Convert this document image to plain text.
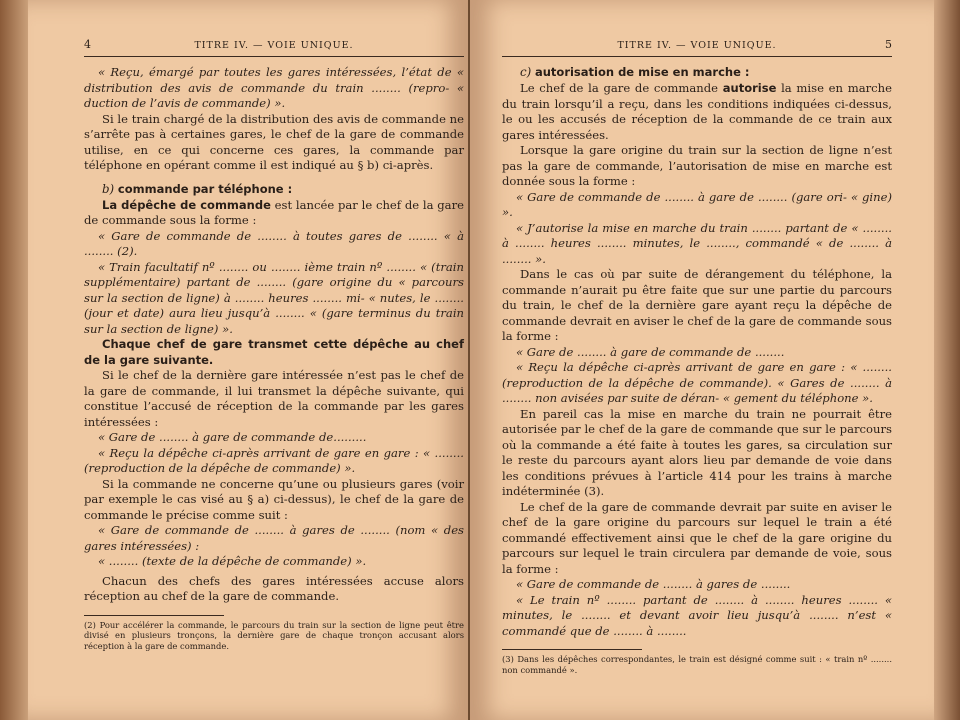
4	TITRE IV. — VOIE UNIQUE.

« Reçu, émargé par toutes les gares intéressées, l’état de « distribution des avis de commande du train ........ (repro- « duction de l’avis de commande) ».

Si le train chargé de la distribution des avis de commande ne s’arrête pas à certaines gares, le chef de la gare de commande utilise, en ce qui concerne ces gares, la commande par téléphone en opérant comme il est indiqué au § b) ci-après.

b) commande par téléphone :

La dépêche de commande est lancée par le chef de la gare de commande sous la forme :

« Gare de commande de ........ à toutes gares de ........ « à ........ (2).

« Train facultatif nº ........ ou ........ ième train nº ........ « (train supplémentaire) partant de ........ (gare origine du « parcours sur la section de ligne) à ........ heures ........ mi- « nutes, le ........ (jour et date) aura lieu jusqu’à ........ « (gare terminus du train sur la section de ligne) ».

Chaque chef de gare transmet cette dépêche au chef de la gare suivante.

Si le chef de la dernière gare intéressée n’est pas le chef de la gare de commande, il lui transmet la dépêche suivante, qui constitue l’accusé de réception de la commande par les gares intéressées :

« Gare de ........ à gare de commande de.........

« Reçu la dépêche ci-après arrivant de gare en gare : « ........ (reproduction de la dépêche de commande) ».

Si la commande ne concerne qu’une ou plusieurs gares (voir par exemple le cas visé au § a) ci-dessus), le chef de la gare de commande le précise comme suit :

« Gare de commande de ........ à gares de ........ (nom « des gares intéressées) :

« ........ (texte de la dépêche de commande) ».

Chacun des chefs des gares intéressées accuse alors réception au chef de la gare de commande.

(2) Pour accélérer la commande, le parcours du train sur la section de ligne peut être divisé en plusieurs tronçons, la dernière gare de chaque tronçon accusant alors réception à la gare de commande.

TITRE IV. — VOIE UNIQUE.	5
c) autorisation de mise en marche :

Le chef de la gare de commande autorise la mise en marche du train lorsqu’il a reçu, dans les conditions indiquées ci-dessus, le ou les accusés de réception de la commande de ce train aux gares intéressées.

Lorsque la gare origine du train sur la section de ligne n’est pas la gare de commande, l’autorisation de mise en marche est donnée sous la forme :

« Gare de commande de ........ à gare de ........ (gare ori- « gine) ».

« J’autorise la mise en marche du train ........ partant de « ........ à ........ heures ........ minutes, le ........, commandé « de ........ à ........ ».

Dans le cas où par suite de dérangement du téléphone, la commande n’aurait pu être faite que sur une partie du parcours du train, le chef de la dernière gare ayant reçu la dépêche de commande devrait en aviser le chef de la gare de commande sous la forme :

« Gare de ........ à gare de commande de ........

« Reçu la dépêche ci-après arrivant de gare en gare : « ........ (reproduction de la dépêche de commande). « Gares de ........ à ........ non avisées par suite de déran- « gement du téléphone ».

En pareil cas la mise en marche du train ne pourrait être autorisée par le chef de la gare de commande que sur le parcours où la commande a été faite à toutes les gares, sa circulation sur le reste du parcours ayant alors lieu par demande de voie dans les conditions prévues à l’article 414 pour les trains à marche indéterminée (3).

Le chef de la gare de commande devrait par suite en aviser le chef de la gare origine du parcours sur lequel le train a été commandé effectivement ainsi que le chef de la gare origine du parcours sur lequel le train circulera par demande de voie, sous la forme :

« Gare de commande de ........ à gares de ........

« Le train nº ........ partant de ........ à ........ heures ........ « minutes, le ........ et devant avoir lieu jusqu’à ........ n’est « commandé que de ........ à ........

(3) Dans les dépêches correspondantes, le train est désigné comme suit : « train nº ........ non commandé ».
